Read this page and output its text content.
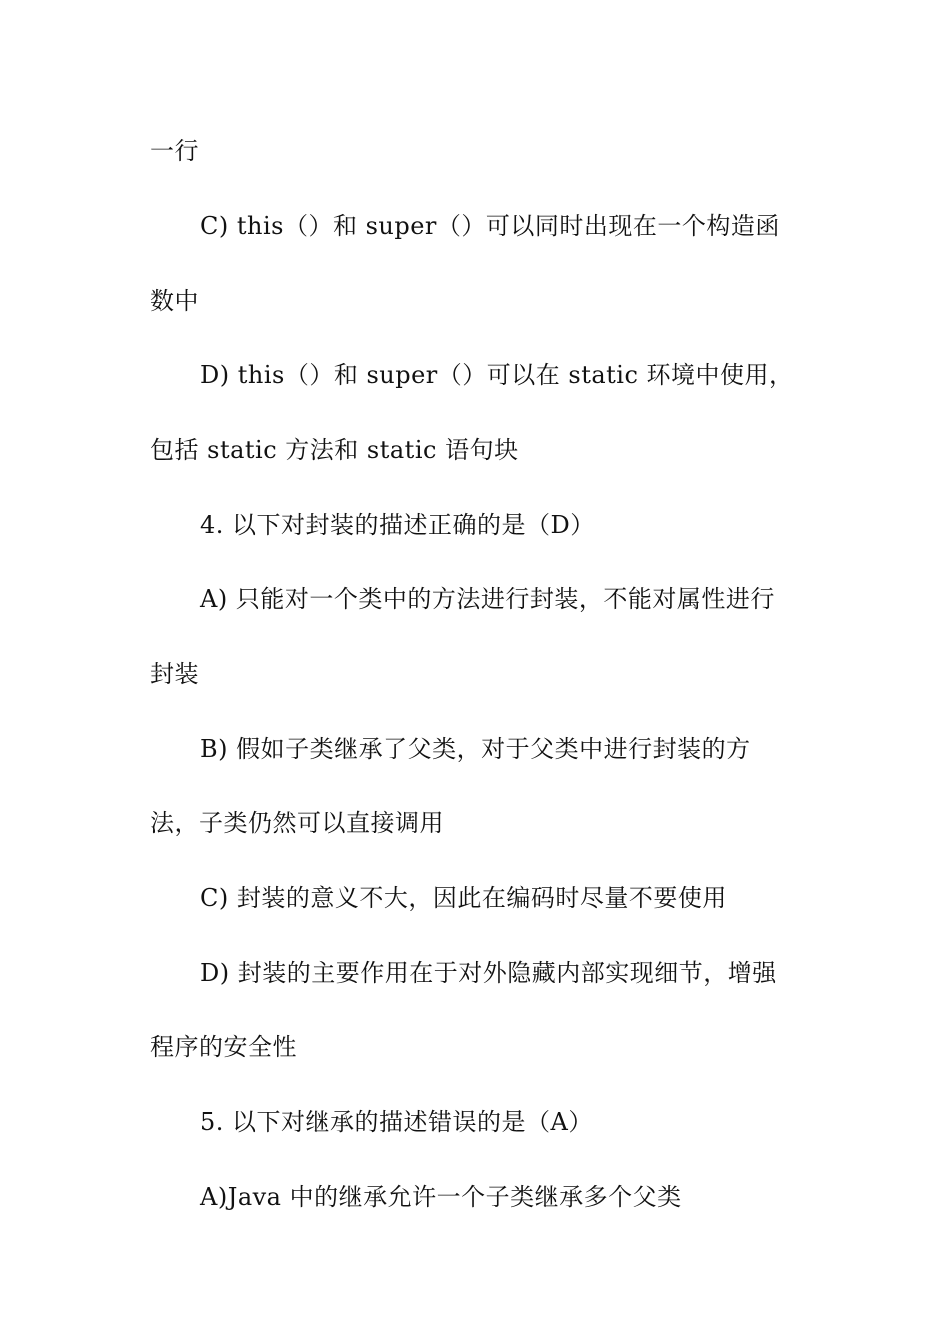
一行
C) this（）和 super（）可以同时出现在一个构造函
数中
D) this（）和 super（）可以在 static 环境中使用，
包括 static 方法和 static 语句块
4. 以下对封装的描述正确的是（D）
A) 只能对一个类中的方法进行封装，不能对属性进行
封装
B) 假如子类继承了父类，对于父类中进行封装的方
法，子类仍然可以直接调用
C) 封装的意义不大，因此在编码时尽量不要使用
D) 封装的主要作用在于对外隐藏内部实现细节，增强
程序的安全性
5. 以下对继承的描述错误的是（A）
A)Java 中的继承允许一个子类继承多个父类
